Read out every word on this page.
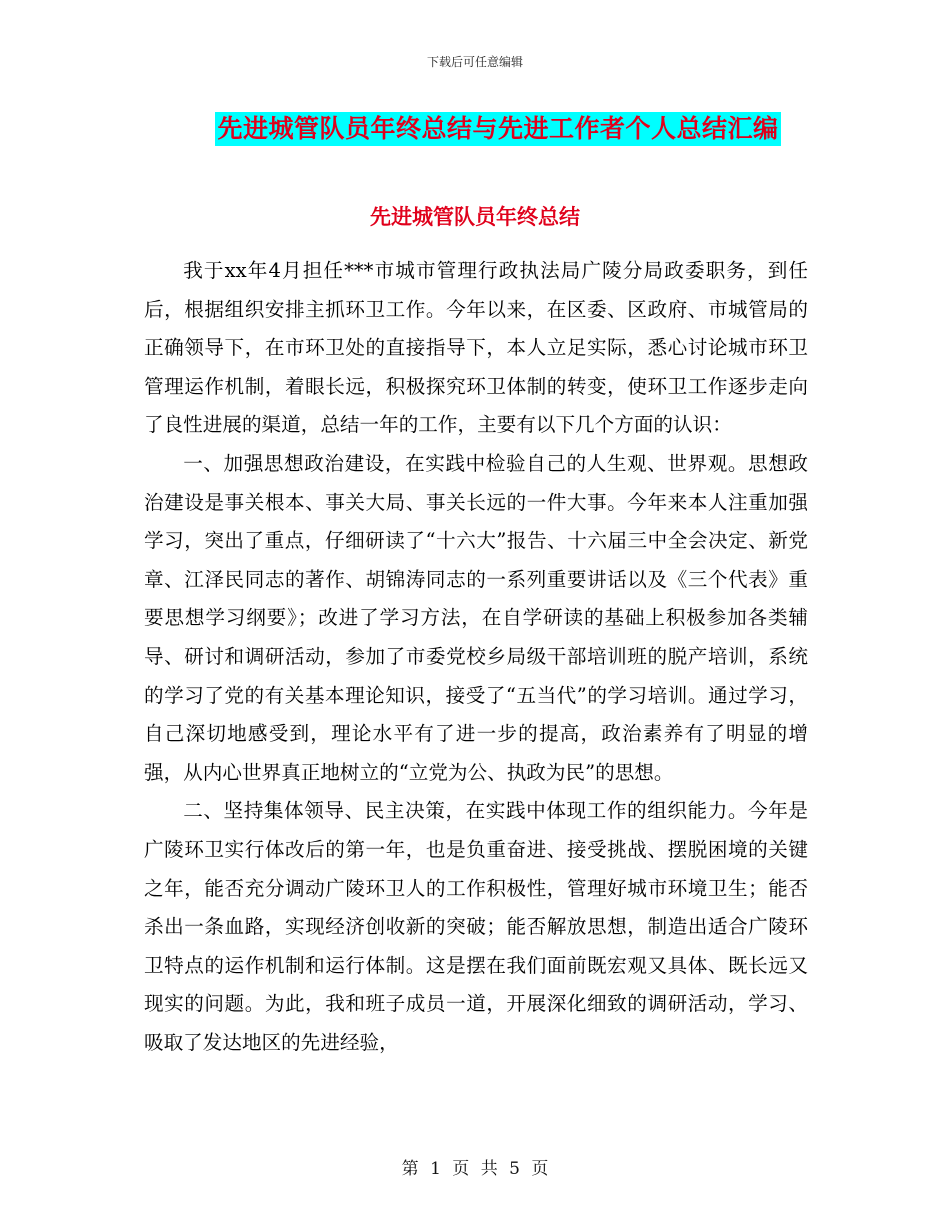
下载后可任意编辑
先进城管队员年终总结与先进工作者个人总结汇编
先进城管队员年终总结

我于xx年4月担任***市城市管理行政执法局广陵分局政委职务，到任后，根据组织安排主抓环卫工作。今年以来，在区委、区政府、市城管局的正确领导下，在市环卫处的直接指导下，本人立足实际，悉心讨论城市环卫管理运作机制，着眼长远，积极探究环卫体制的转变，使环卫工作逐步走向了良性进展的渠道，总结一年的工作，主要有以下几个方面的认识：

一、加强思想政治建设，在实践中检验自己的人生观、世界观。思想政治建设是事关根本、事关大局、事关长远的一件大事。今年来本人注重加强学习，突出了重点，仔细研读了“十六大”报告、十六届三中全会决定、新党章、江泽民同志的著作、胡锦涛同志的一系列重要讲话以及《三个代表》重要思想学习纲要》；改进了学习方法，在自学研读的基础上积极参加各类辅导、研讨和调研活动，参加了市委党校乡局级干部培训班的脱产培训，系统的学习了党的有关基本理论知识，接受了“五当代”的学习培训。通过学习，自己深切地感受到，理论水平有了进一步的提高，政治素养有了明显的增强，从内心世界真正地树立的“立党为公、执政为民”的思想。

二、坚持集体领导、民主决策，在实践中体现工作的组织能力。今年是广陵环卫实行体改后的第一年，也是负重奋进、接受挑战、摆脱困境的关键之年，能否充分调动广陵环卫人的工作积极性，管理好城市环境卫生；能否杀出一条血路，实现经济创收新的突破；能否解放思想，制造出适合广陵环卫特点的运作机制和运行体制。这是摆在我们面前既宏观又具体、既长远又现实的问题。为此，我和班子成员一道，开展深化细致的调研活动，学习、吸取了发达地区的先进经验，

第 1 页 共 5 页
